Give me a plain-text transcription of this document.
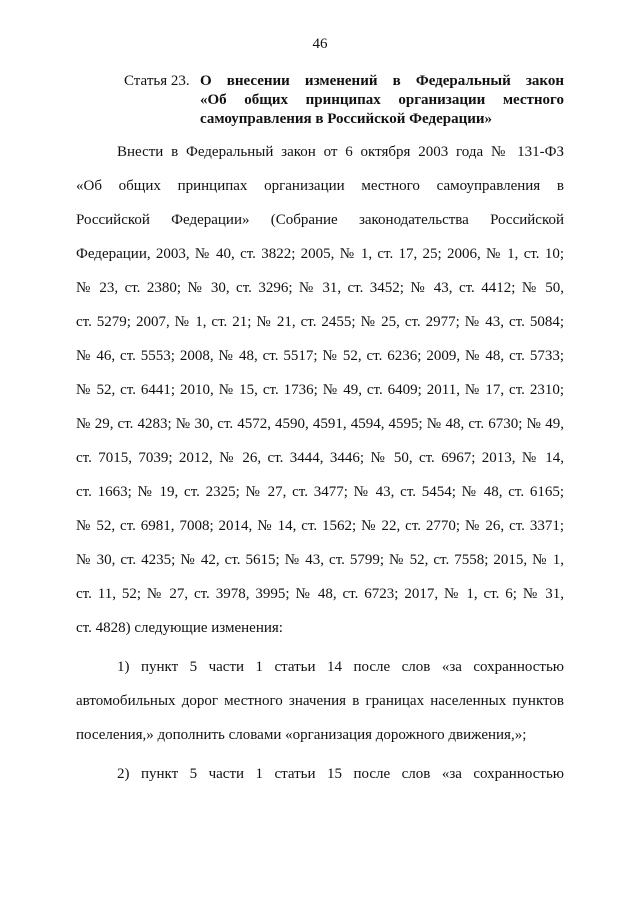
46
Статья 23. О внесении изменений в Федеральный закон
«Об общих принципах организации местного
самоуправления в Российской Федерации»
Внести в Федеральный закон от 6 октября 2003 года № 131-ФЗ
«Об общих принципах организации местного самоуправления в
Российской Федерации» (Собрание законодательства Российской
Федерации, 2003, № 40, ст. 3822; 2005, № 1, ст. 17, 25; 2006, № 1, ст. 10;
№ 23, ст. 2380; № 30, ст. 3296; № 31, ст. 3452; № 43, ст. 4412; № 50,
ст. 5279; 2007, № 1, ст. 21; № 21, ст. 2455; № 25, ст. 2977; № 43, ст. 5084;
№ 46, ст. 5553; 2008, № 48, ст. 5517; № 52, ст. 6236; 2009, № 48, ст. 5733;
№ 52, ст. 6441; 2010, № 15, ст. 1736; № 49, ст. 6409; 2011, № 17, ст. 2310;
№ 29, ст. 4283; № 30, ст. 4572, 4590, 4591, 4594, 4595; № 48, ст. 6730; № 49,
ст. 7015, 7039; 2012, № 26, ст. 3444, 3446; № 50, ст. 6967; 2013, № 14,
ст. 1663; № 19, ст. 2325; № 27, ст. 3477; № 43, ст. 5454; № 48, ст. 6165;
№ 52, ст. 6981, 7008; 2014, № 14, ст. 1562; № 22, ст. 2770; № 26, ст. 3371;
№ 30, ст. 4235; № 42, ст. 5615; № 43, ст. 5799; № 52, ст. 7558; 2015, № 1,
ст. 11, 52; № 27, ст. 3978, 3995; № 48, ст. 6723; 2017, № 1, ст. 6; № 31,
ст. 4828) следующие изменения:
1) пункт 5 части 1 статьи 14 после слов «за сохранностью
автомобильных дорог местного значения в границах населенных пунктов
поселения,» дополнить словами «организация дорожного движения,»;
2) пункт 5 части 1 статьи 15 после слов «за сохранностью
